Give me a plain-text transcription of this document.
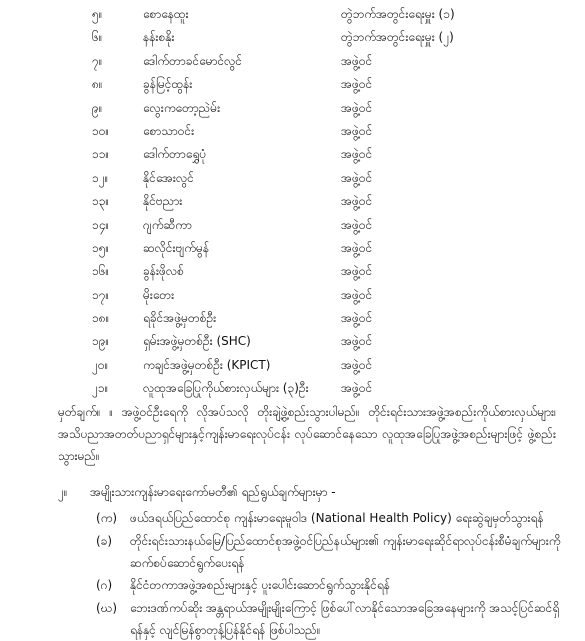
၅။	စောနေထူး	တွဲဘက်အတွင်းရေးမှူး (၁)
၆။	နန်းစနိုး	တွဲဘက်အတွင်းရေးမှူး (၂)
၇။	ဒေါက်တာခင်မောင်လွင်	အဖွဲ့ဝင်
၈။	ခွန်မြင့်ထွန်း	အဖွဲ့ဝင်
၉။	လွေးကတော့ညဲမ်း	အဖွဲ့ဝင်
၁၀။	စောသာဝင်း	အဖွဲ့ဝင်
၁၁။	ဒေါက်တာရွှေပုံ	အဖွဲ့ဝင်
၁၂။	နိုင်အေးလွင်	အဖွဲ့ဝင်
၁၃။	နိုင်ဗညား	အဖွဲ့ဝင်
၁၄။	ဂျက်ဆီကာ	အဖွဲ့ဝင်
၁၅။	ဆလိုင်းဗျက်မွန်	အဖွဲ့ဝင်
၁၆။	ခွန်းဖိုလစ်	အဖွဲ့ဝင်
၁၇။	မိုးတေး	အဖွဲ့ဝင်
၁၈။	ရခိုင်အဖွဲ့မှတစ်ဦး	အဖွဲ့ဝင်
၁၉။	ရှမ်းအဖွဲ့မှတစ်ဦး (SHC)	အဖွဲ့ဝင်
၂၀။	ကချင်အဖွဲ့မှတစ်ဦး (KPICT)	အဖွဲ့ဝင်
၂၁။	လူထုအခြေပြုကိုယ်စားလှယ်များ (၃)ဦး	အဖွဲ့ဝင်
မှတ်ချက်။ ။ အဖွဲ့ဝင်ဦးရေကို လိုအပ်သလို တိုးချဲ့ဖွဲ့စည်းသွားပါမည်။ တိုင်းရင်းသားအဖွဲ့အစည်းကိုယ်စားလှယ်များ၊ အသိပညာအတတ်ပညာရှင်များနှင့်ကျန်းမာရေးလုပ်ငန်း လုပ်ဆောင်နေသော လူထုအခြေပြုအဖွဲ့အစည်းများဖြင့် ဖွဲ့စည်းသွားမည်။
၂။ အမျိုးသားကျန်းမာရေးကော်မတီ၏ ရည်ရွယ်ချက်များမှာ -
(က) ဖယ်ဒရယ်ပြည်ထောင်စု ကျန်းမာရေးမူဝါဒ (National Health Policy) ရေးဆွဲချမှတ်သွားရန်
(ခ) တိုင်းရင်းသားနယ်မြေ/ပြည်ထောင်စုအဖွဲ့ဝင်ပြည်နယ်များ၏ ကျန်းမာရေးဆိုင်ရာလုပ်ငန်းစီမံချက်များကို ဆက်စပ်ဆောင်ရွက်ပေးရန်
(ဂ) နိုင်ငံတကာအဖွဲ့အစည်းများနှင့် ပူးပေါင်းဆောင်ရွက်သွားနိုင်ရန်
(ဃ) ဘေးဒဏ်ကပ်ဆိုး အန္တရာယ်အမျိုးမျိုးကြောင့် ဖြစ်ပေါ်လာနိုင်သောအခြေအနေများကို အသင့်ပြင်ဆင်ရှိရန်နှင့် လျင်မြန်စွာတုန့်ပြန်နိုင်ရန် ဖြစ်ပါသည်။
